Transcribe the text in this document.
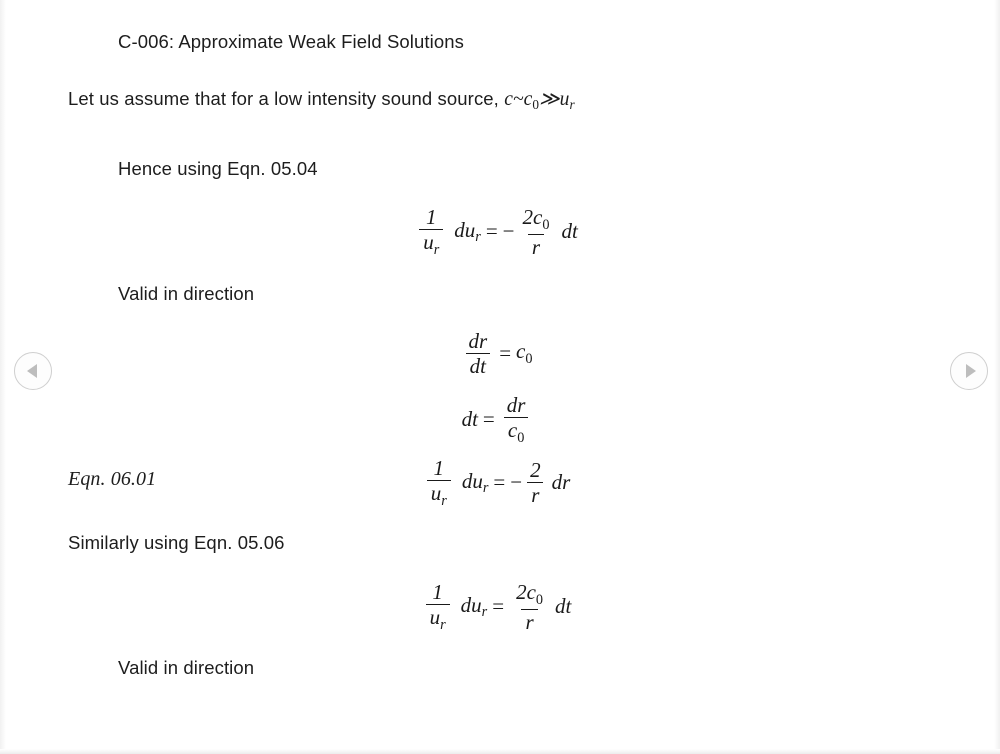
C-006: Approximate Weak Field Solutions
Let us assume that for a low intensity sound source, c~c0≫ur
Hence using Eqn. 05.04
$\frac{1}{ur}$ dur = − $\frac{2c0}{r}$ dt
Valid in direction
$\frac{dr}{dt} = c0$
dt = $\frac{dr}{c0}$
Eqn. 06.01	$\frac{1}{ur}$ dur = − $\frac{2}{r}$ dr
Similarly using Eqn. 05.06
$\frac{1}{ur}$ dur = $\frac{2c0}{r}$ dt
Valid in direction
